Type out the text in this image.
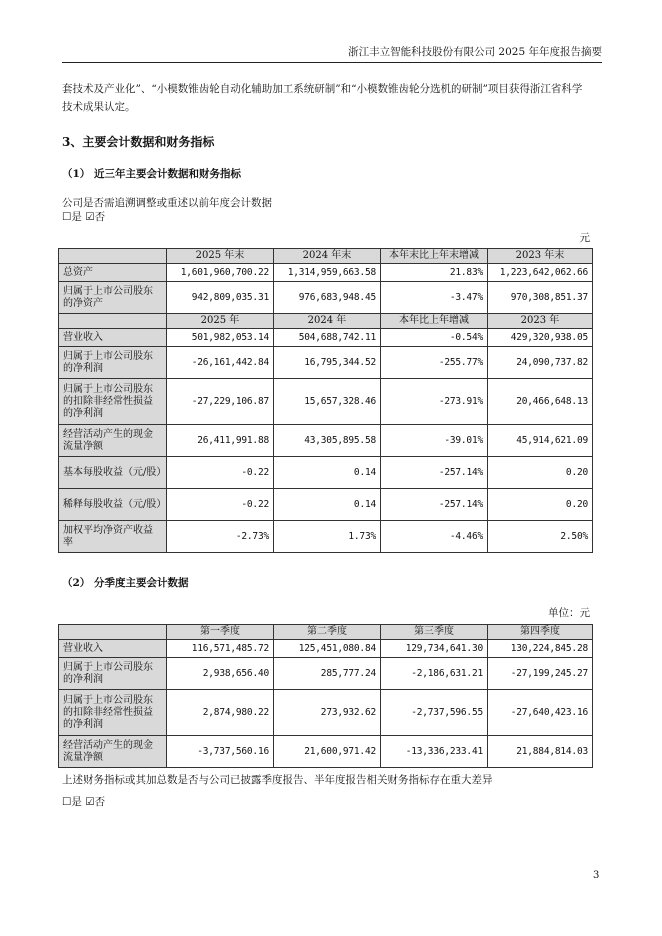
浙江丰立智能科技股份有限公司 2025 年年度报告摘要
套技术及产业化”、“小模数锥齿轮自动化辅助加工系统研制”和“小模数锥齿轮分选机的研制”项目获得浙江省科学
技术成果认定。
3、主要会计数据和财务指标
（1） 近三年主要会计数据和财务指标
公司是否需追溯调整或重述以前年度会计数据
☐是 ☑否
元
	2025 年末	2024 年末	本年末比上年末增减	2023 年末
总资产	1,601,960,700.22	1,314,959,663.58	21.83%	1,223,642,062.66
归属于上市公司股东的净资产	942,809,035.31	976,683,948.45	-3.47%	970,308,851.37
	2025 年	2024 年	本年比上年增减	2023 年
营业收入	501,982,053.14	504,688,742.11	-0.54%	429,320,938.05
归属于上市公司股东的净利润	-26,161,442.84	16,795,344.52	-255.77%	24,090,737.82
归属于上市公司股东的扣除非经常性损益的净利润	-27,229,106.87	15,657,328.46	-273.91%	20,466,648.13
经营活动产生的现金流量净额	26,411,991.88	43,305,895.58	-39.01%	45,914,621.09
基本每股收益（元/股）	-0.22	0.14	-257.14%	0.20
稀释每股收益（元/股）	-0.22	0.14	-257.14%	0.20
加权平均净资产收益率	-2.73%	1.73%	-4.46%	2.50%
（2） 分季度主要会计数据
单位：元
	第一季度	第二季度	第三季度	第四季度
营业收入	116,571,485.72	125,451,080.84	129,734,641.30	130,224,845.28
归属于上市公司股东的净利润	2,938,656.40	285,777.24	-2,186,631.21	-27,199,245.27
归属于上市公司股东的扣除非经常性损益的净利润	2,874,980.22	273,932.62	-2,737,596.55	-27,640,423.16
经营活动产生的现金流量净额	-3,737,560.16	21,600,971.42	-13,336,233.41	21,884,814.03
上述财务指标或其加总数是否与公司已披露季度报告、半年度报告相关财务指标存在重大差异
☐是 ☑否
3
